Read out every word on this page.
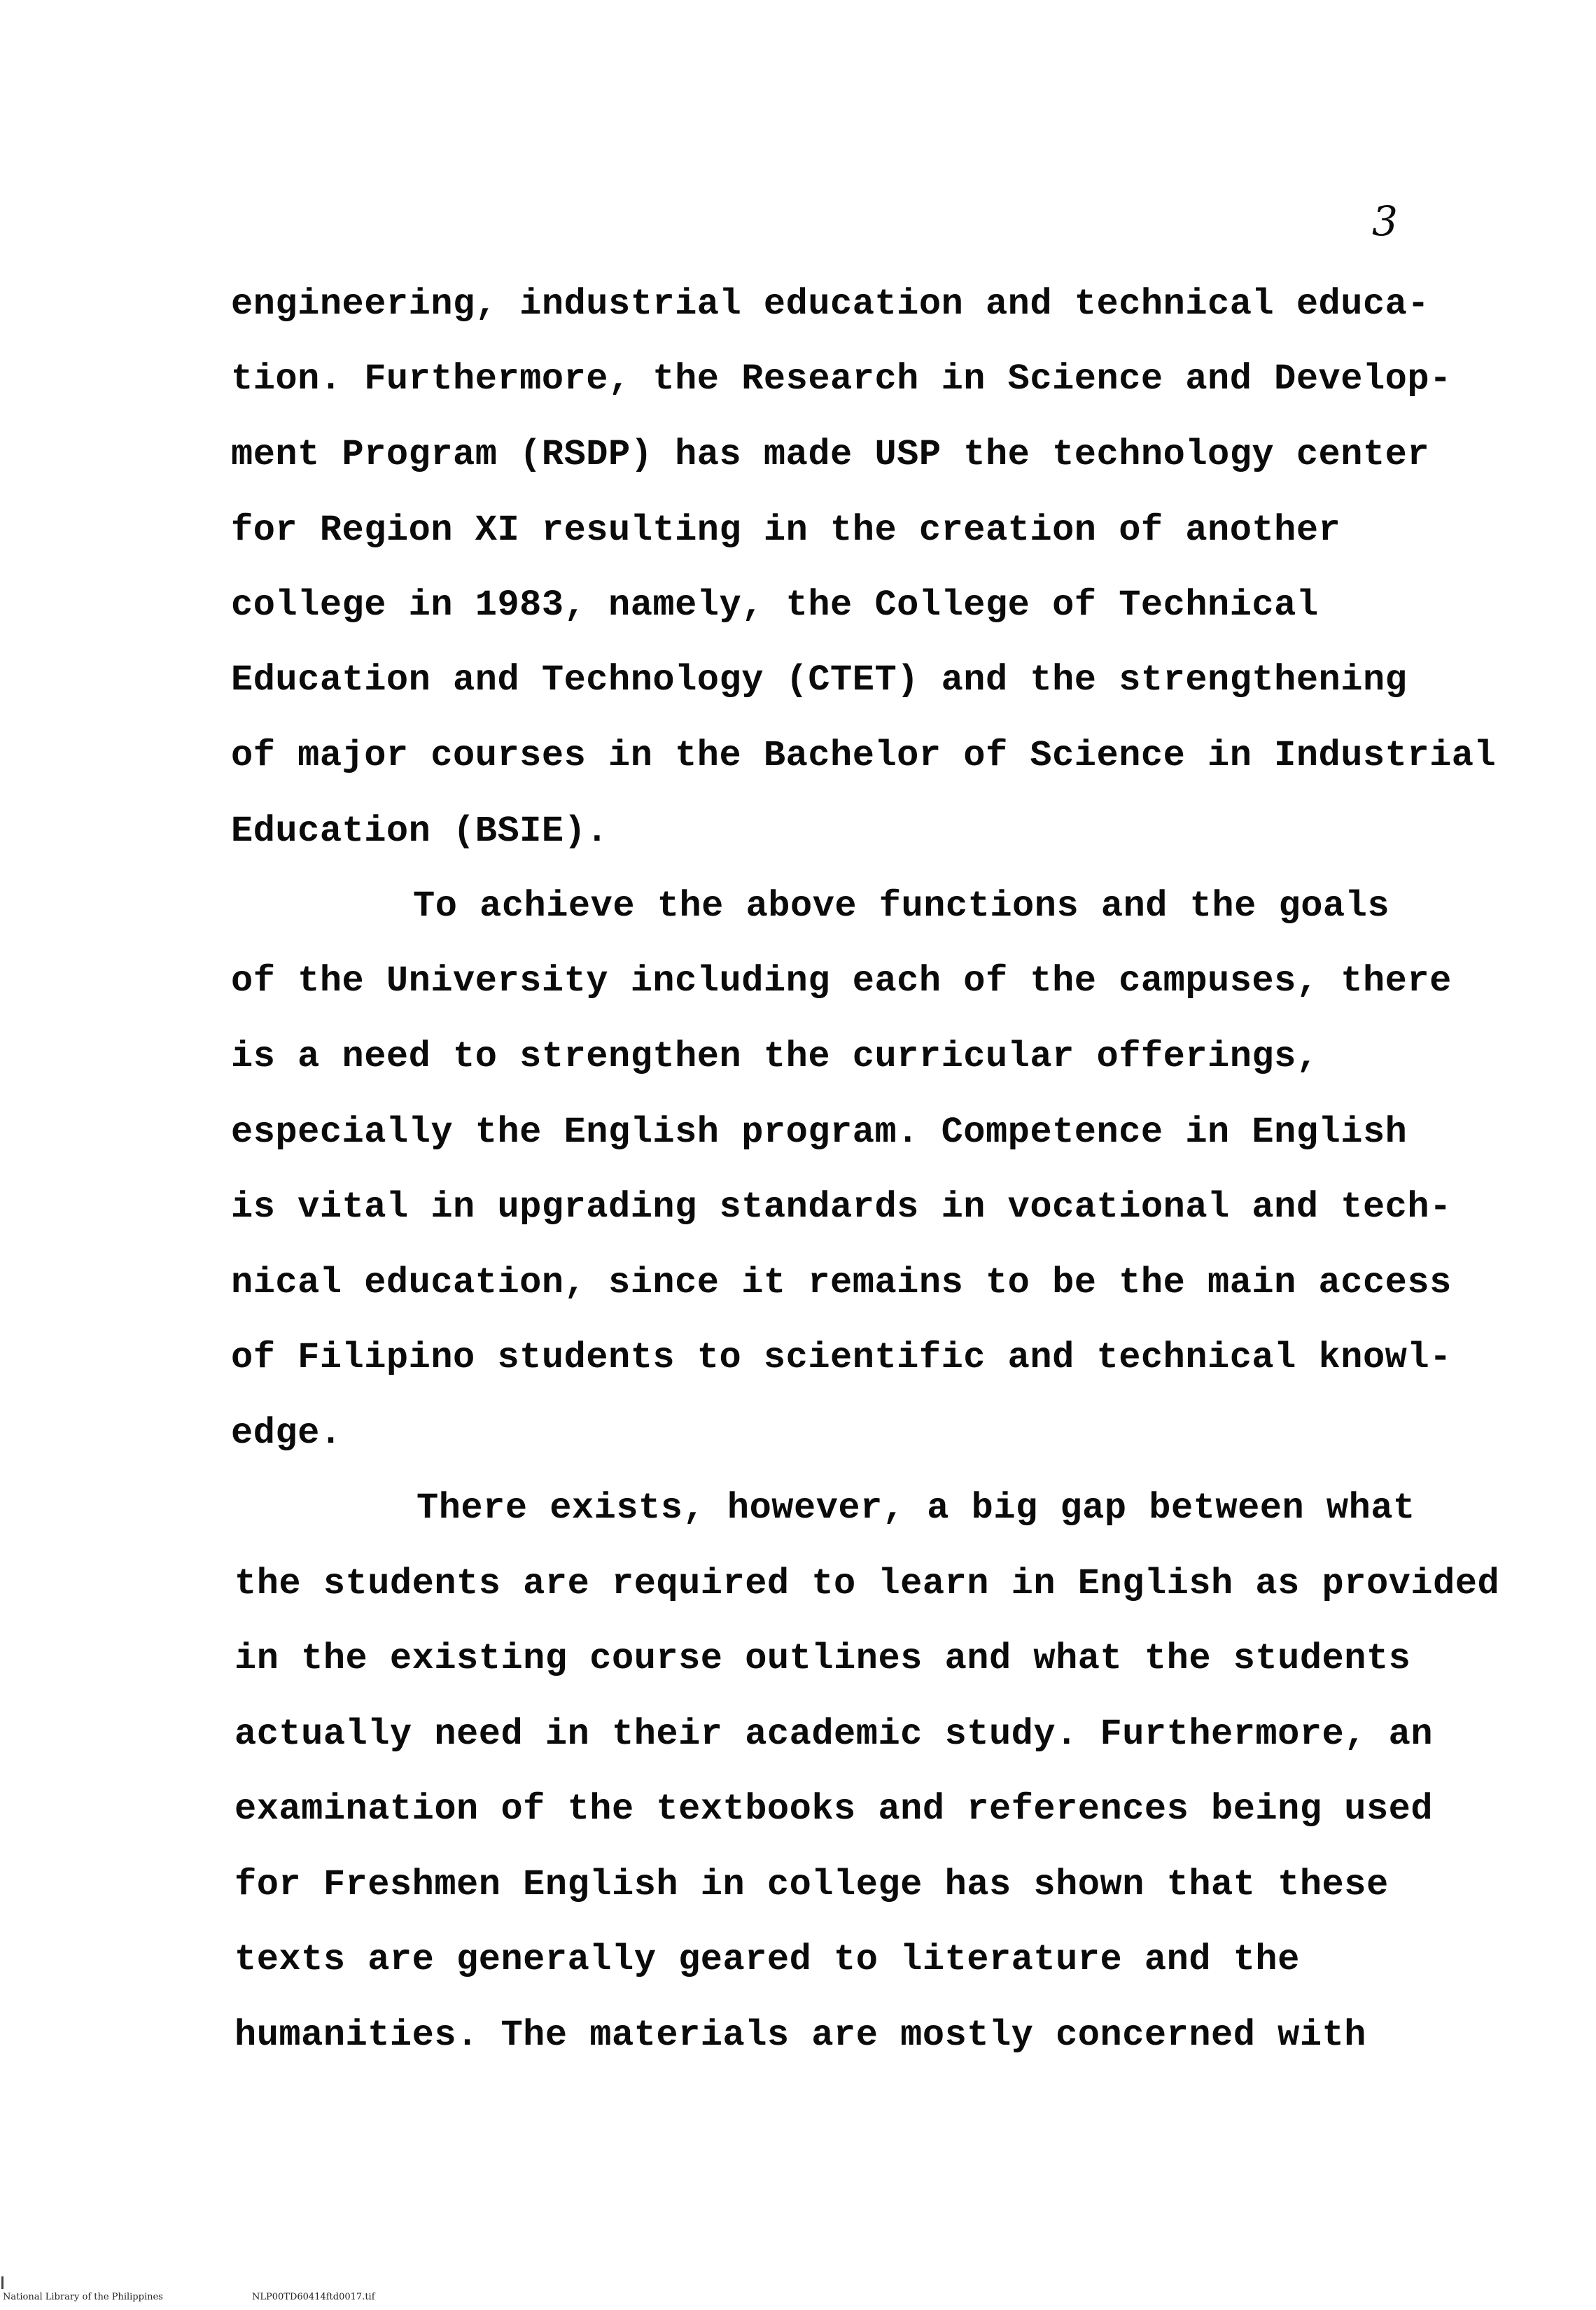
3

engineering, industrial education and technical educa-

tion. Furthermore, the Research in Science and Develop-

ment Program (RSDP) has made USP the technology center

for Region XI resulting in the creation of another

college in 1983, namely, the College of Technical

Education and Technology (CTET) and the strengthening

of major courses in the Bachelor of Science in Industrial

Education (BSIE).

To achieve the above functions and the goals

of the University including each of the campuses, there

is a need to strengthen the curricular offerings,

especially the English program. Competence in English

is vital in upgrading standards in vocational and tech-

nical education, since it remains to be the main access

of Filipino students to scientific and technical knowl-

edge.

There exists, however, a big gap between what

the students are required to learn in English as provided

in the existing course outlines and what the students

actually need in their academic study. Furthermore, an

examination of the textbooks and references being used

for Freshmen English in college has shown that these

texts are generally geared to literature and the

humanities. The materials are mostly concerned with

National Library of the Philippines	NLP00TD60414ftd0017.tif
